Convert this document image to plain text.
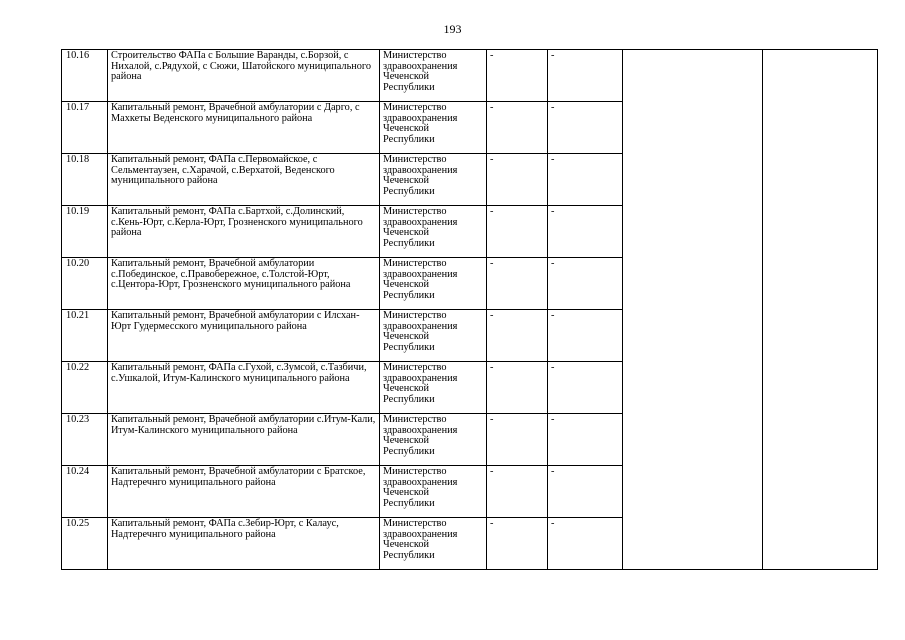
193
10.16	Строительство ФАПа с Большие Варанды, с.Борзой, с Нихалой, с.Рядухой, с Сюжи, Шатойского муниципального района	Министерство здравоохранения Чеченской Республики	-	-		
10.17	Капитальный ремонт, Врачебной амбулатории с Дарго, с Махкеты Веденского муниципального района	Министерство здравоохранения Чеченской Республики	-	-		
10.18	Капитальный ремонт, ФАПа с.Первомайское, с Сельментаузен, с.Харачой, с.Верхатой, Веденского муниципального района	Министерство здравоохранения Чеченской Республики	-	-		
10.19	Капитальный ремонт, ФАПа с.Бартхой, с.Долинский, с.Кень-Юрт, с.Керла-Юрт, Грозненского муниципального района	Министерство здравоохранения Чеченской Республики	-	-		
10.20	Капитальный ремонт, Врачебной амбулатории с.Побединское, с.Правобережное, с.Толстой-Юрт, с.Центора-Юрт, Грозненского муниципального района	Министерство здравоохранения Чеченской Республики	-	-		
10.21	Капитальный ремонт, Врачебной амбулатории с Илсхан-Юрт Гудермесского муниципального района	Министерство здравоохранения Чеченской Республики	-	-		
10.22	Капитальный ремонт, ФАПа с.Гухой, с.Зумсой, с.Тазбичи, с.Ушкалой, Итум-Калинского муниципального района	Министерство здравоохранения Чеченской Республики	-	-		
10.23	Капитальный ремонт, Врачебной амбулатории с.Итум-Кали, Итум-Калинского муниципального района	Министерство здравоохранения Чеченской Республики	-	-		
10.24	Капитальный ремонт, Врачебной амбулатории с Братское, Надтеречнго муниципального района	Министерство здравоохранения Чеченской Республики	-	-		
10.25	Капитальный ремонт, ФАПа с.Зебир-Юрт, с Калаус, Надтеречнго муниципального района	Министерство здравоохранения Чеченской Республики	-	-		
